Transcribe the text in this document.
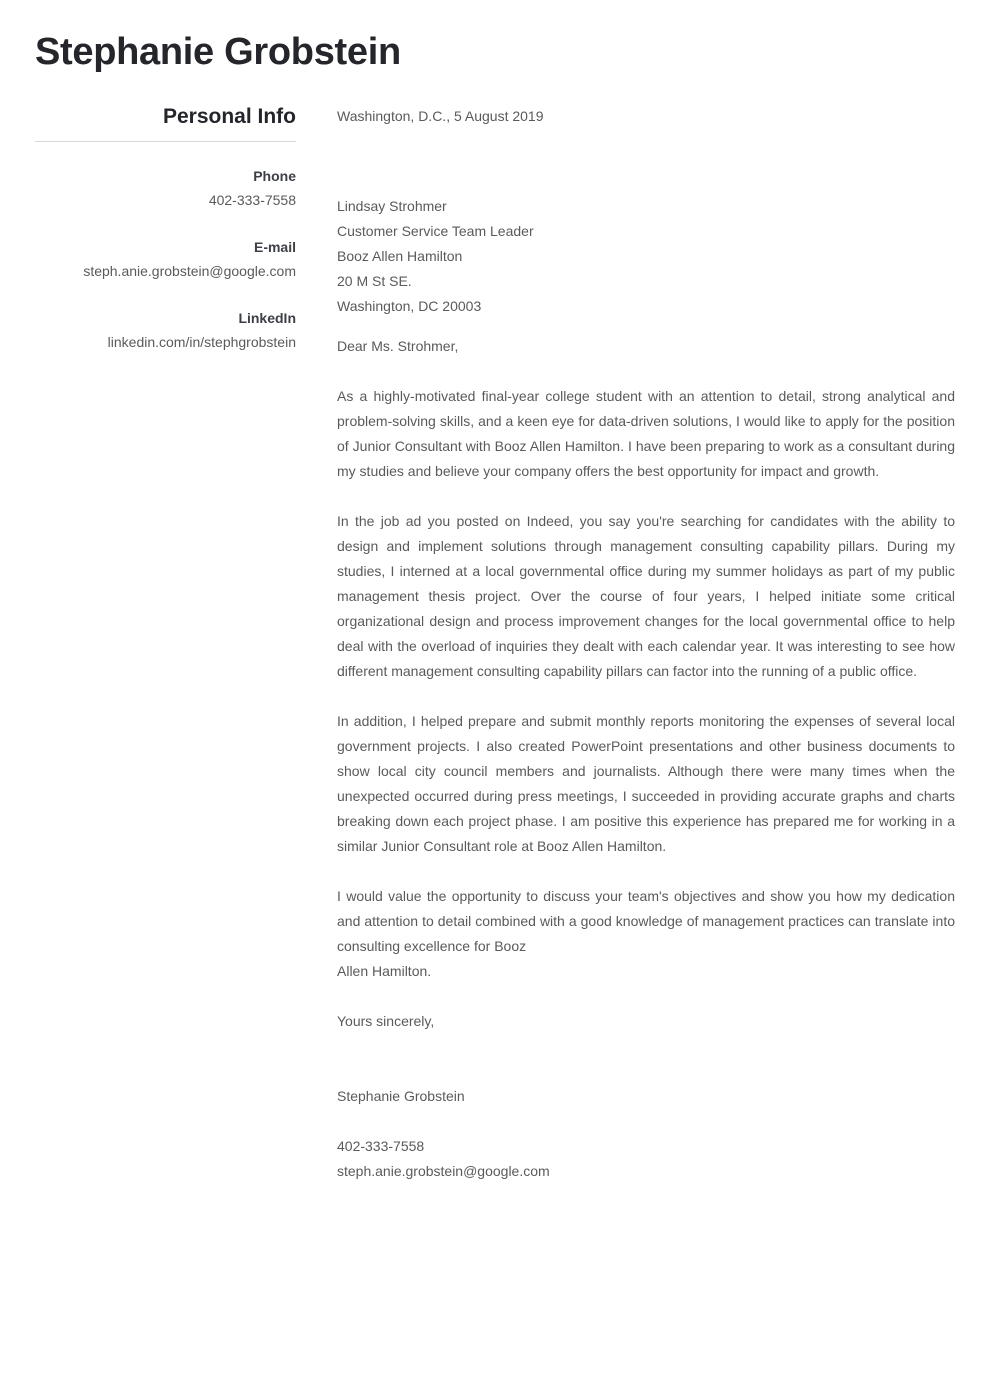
Stephanie Grobstein
Personal Info
Phone
402-333-7558
E-mail
steph.anie.grobstein@google.com
LinkedIn
linkedin.com/in/stephgrobstein
Washington, D.C., 5 August 2019
Lindsay Strohmer
Customer Service Team Leader
Booz Allen Hamilton
20 M St SE.
Washington, DC 20003
Dear Ms. Strohmer,

As a highly-motivated final-year college student with an attention to detail, strong analytical and problem-solving skills, and a keen eye for data-driven solutions, I would like to apply for the position of Junior Consultant with Booz Allen Hamilton. I have been preparing to work as a consultant during my studies and believe your company offers the best opportunity for impact and growth.

In the job ad you posted on Indeed, you say you're searching for candidates with the ability to design and implement solutions through management consulting capability pillars. During my studies, I interned at a local governmental office during my summer holidays as part of my public management thesis project. Over the course of four years, I helped initiate some critical organizational design and process improvement changes for the local governmental office to help deal with the overload of inquiries they dealt with each calendar year. It was interesting to see how different management consulting capability pillars can factor into the running of a public office.

In addition, I helped prepare and submit monthly reports monitoring the expenses of several local government projects. I also created PowerPoint presentations and other business documents to show local city council members and journalists. Although there were many times when the unexpected occurred during press meetings, I succeeded in providing accurate graphs and charts breaking down each project phase. I am positive this experience has prepared me for working in a similar Junior Consultant role at Booz Allen Hamilton.

I would value the opportunity to discuss your team's objectives and show you how my dedication and attention to detail combined with a good knowledge of management practices can translate into consulting excellence for Booz
Allen Hamilton.

Yours sincerely,
Stephanie Grobstein
402-333-7558
steph.anie.grobstein@google.com
